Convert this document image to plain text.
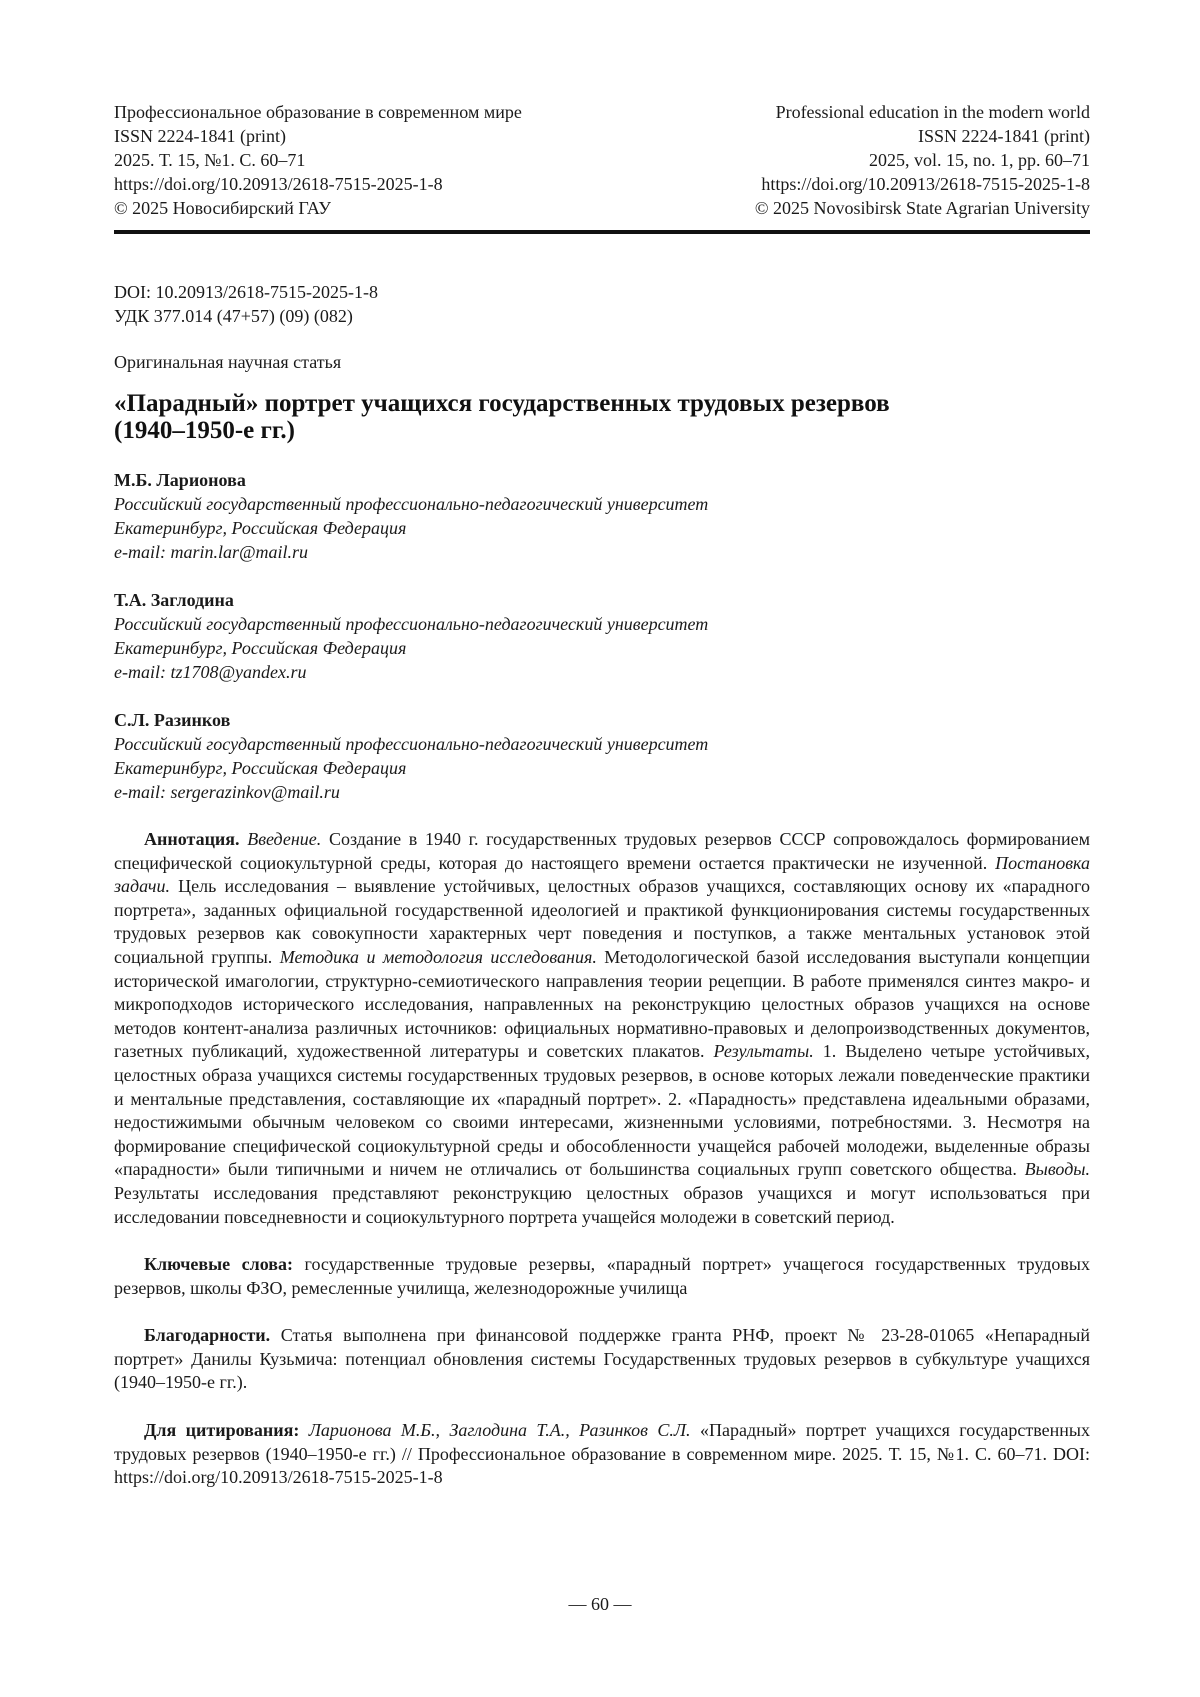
Профессиональное образование в современном мире
ISSN 2224-1841 (print)
2025. Т. 15, №1. С. 60–71
https://doi.org/10.20913/2618-7515-2025-1-8
© 2025 Новосибирский ГАУ
Professional education in the modern world
ISSN 2224-1841 (print)
2025, vol. 15, no. 1, pp. 60–71
https://doi.org/10.20913/2618-7515-2025-1-8
© 2025 Novosibirsk State Agrarian University
DOI: 10.20913/2618-7515-2025-1-8
УДК 377.014 (47+57) (09) (082)
Оригинальная научная статья
«Парадный» портрет учащихся государственных трудовых резервов
(1940–1950-е гг.)
М.Б. Ларионова
Российский государственный профессионально-педагогический университет
Екатеринбург, Российская Федерация
e-mail: marin.lar@mail.ru
Т.А. Заглодина
Российский государственный профессионально-педагогический университет
Екатеринбург, Российская Федерация
e-mail: tz1708@yandex.ru
С.Л. Разинков
Российский государственный профессионально-педагогический университет
Екатеринбург, Российская Федерация
e-mail: sergerazinkov@mail.ru
Аннотация. Введение. Создание в 1940 г. государственных трудовых резервов СССР сопровождалось формированием специфической социокультурной среды, которая до настоящего времени остается практически не изученной. Постановка задачи. Цель исследования – выявление устойчивых, целостных образов учащихся, составляющих основу их «парадного портрета», заданных официальной государственной идеологией и практикой функционирования системы государственных трудовых резервов как совокупности характерных черт поведения и поступков, а также ментальных установок этой социальной группы. Методика и методология исследования. Методологической базой исследования выступали концепции исторической имагологии, структурно-семиотического направления теории рецепции. В работе применялся синтез макро- и микроподходов исторического исследования, направленных на реконструкцию целостных образов учащихся на основе методов контент-анализа различных источников: официальных нормативно-правовых и делопроизводственных документов, газетных публикаций, художественной литературы и советских плакатов. Результаты. 1. Выделено четыре устойчивых, целостных образа учащихся системы государственных трудовых резервов, в основе которых лежали поведенческие практики и ментальные представления, составляющие их «парадный портрет». 2. «Парадность» представлена идеальными образами, недостижимыми обычным человеком со своими интересами, жизненными условиями, потребностями. 3. Несмотря на формирование специфической социокультурной среды и обособленности учащейся рабочей молодежи, выделенные образы «парадности» были типичными и ничем не отличались от большинства социальных групп советского общества. Выводы. Результаты исследования представляют реконструкцию целостных образов учащихся и могут использоваться при исследовании повседневности и социокультурного портрета учащейся молодежи в советский период.
Ключевые слова: государственные трудовые резервы, «парадный портрет» учащегося государственных трудовых резервов, школы ФЗО, ремесленные училища, железнодорожные училища
Благодарности. Статья выполнена при финансовой поддержке гранта РНФ, проект № 23-28-01065 «Непарадный портрет» Данилы Кузьмича: потенциал обновления системы Государственных трудовых резервов в субкультуре учащихся (1940–1950-е гг.).
Для цитирования: Ларионова М.Б., Заглодина Т.А., Разинков С.Л. «Парадный» портрет учащихся государственных трудовых резервов (1940–1950-е гг.) // Профессиональное образование в современном мире. 2025. Т. 15, №1. С. 60–71. DOI: https://doi.org/10.20913/2618-7515-2025-1-8
— 60 —
